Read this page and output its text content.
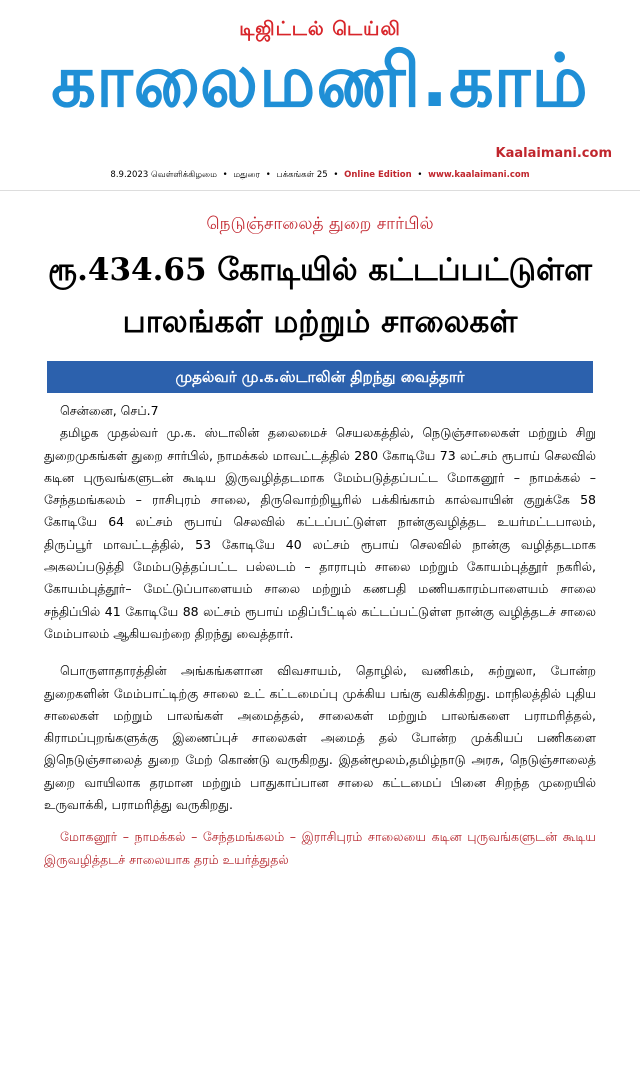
டிஜிட்டல் டெய்லி
காலைமணி.காம்
Kaalaimani.com
8.9.2023 வெள்ளிக்கிழமை • மதுரை • பக்கங்கள் 25 • Online Edition • www.kaalaimani.com
நெடுஞ்சாலைத் துறை சார்பில்
ரூ.434.65 கோடியில் கட்டப்பட்டுள்ள
பாலங்கள் மற்றும் சாலைகள்
முதல்வர் மு.க.ஸ்டாலின் திறந்து வைத்தார்

சென்னை, செப்.7

தமிழக முதல்வர் மு.க. ஸ்டாலின் தலைமைச் செயலகத்தில், நெடுஞ்சாலைகள் மற்றும் சிறு துறைமுகங்கள் துறை சார்பில், நாமக்கல் மாவட்டத்தில் 280 கோடியே 73 லட்சம் ரூபாய் செலவில் கடின புருவங்களுடன் கூடிய இருவழித்தடமாக மேம்படுத்தப்பட்ட மோகனூர் – நாமக்கல் – சேந்தமங்கலம் – ராசிபுரம் சாலை, திருவொற்றியூரில் பக்கிங்காம் கால்வாயின் குறுக்கே 58 கோடியே 64 லட்சம் ரூபாய் செலவில் கட்டப்பட்டுள்ள நான்குவழித்தட உயர்மட்டபாலம், திருப்பூர் மாவட்டத்தில், 53 கோடியே 40 லட்சம் ரூபாய் செலவில் நான்கு வழித்தடமாக அகலப்படுத்தி மேம்படுத்தப்பட்ட பல்லடம் – தாராபும் சாலை மற்றும் கோயம்புத்தூர் நகரில், கோயம்புத்தூர்– மேட்டுப்பாளையம் சாலை மற்றும் கணபதி மணியகாரம்பாளையம் சாலை சந்திப்பில் 41 கோடியே 88 லட்சம் ரூபாய் மதிப்பீட்டில் கட்டப்பட்டுள்ள நான்கு வழித்தடச் சாலை மேம்பாலம் ஆகியவற்றை திறந்து வைத்தார்.

பொருளாதாரத்தின் அங்கங்களான விவசாயம், தொழில், வணிகம், சுற்றுலா, போன்ற துறைகளின் மேம்பாட்டிற்கு சாலை உட் கட்டமைப்பு முக்கிய பங்கு வகிக்கிறது. மாநிலத்தில் புதிய சாலைகள் மற்றும் பாலங்கள் அமைத்தல், சாலைகள் மற்றும் பாலங்களை பராமரித்தல், கிராமப்புறங்களுக்கு இணைப்புச் சாலைகள் அமைத் தல் போன்ற முக்கியப் பணிகளை இநெடுஞ்சாலைத் துறை மேற் கொண்டு வருகிறது. இதன்மூலம்,தமிழ்நாடு அரசு, நெடுஞ்சாலைத் துறை வாயிலாக தரமான மற்றும் பாதுகாப்பான சாலை கட்டமைப் பினை சிறந்த முறையில் உருவாக்கி, பராமரித்து வருகிறது.

மோகனூர் – நாமக்கல் – சேந்தமங்கலம் – இராசிபுரம் சாலையை கடின புருவங்களுடன் கூடிய இருவழித்தடச் சாலையாக தரம் உயர்த்துதல்
